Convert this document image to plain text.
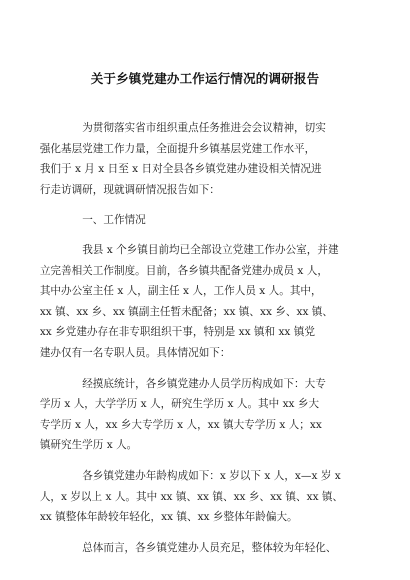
关于乡镇党建办工作运行情况的调研报告

为贯彻落实省市组织重点任务推进会会议精神，切实
强化基层党建工作力量，全面提升乡镇基层党建工作水平，
我们于 x 月 x 日至 x 日对全县各乡镇党建办建设相关情况进
行走访调研，现就调研情况报告如下：

一、工作情况

我县 x 个乡镇目前均已全部设立党建工作办公室，并建
立完善相关工作制度。目前，各乡镇共配备党建办成员 x 人，
其中办公室主任 x 人，副主任 x 人，工作人员 x 人。其中，
xx 镇、xx 乡、xx 镇副主任暂未配备；xx 镇、xx 乡、xx 镇、
xx 乡党建办存在非专职组织干事，特别是 xx 镇和 xx 镇党
建办仅有一名专职人员。具体情况如下：

经摸底统计，各乡镇党建办人员学历构成如下：大专
学历 x 人，大学学历 x 人，研究生学历 x 人。其中 xx 乡大
专学历 x 人，xx 乡大专学历 x 人，xx 镇大专学历 x 人；xx
镇研究生学历 x 人。

各乡镇党建办年龄构成如下：x 岁以下 x 人，x—x 岁 x
人，x 岁以上 x 人。其中 xx 镇、xx 镇、xx 乡、xx 镇、xx 镇、
xx 镇整体年龄较年轻化，xx 镇、xx 乡整体年龄偏大。

总体而言，各乡镇党建办人员充足，整体较为年轻化、
